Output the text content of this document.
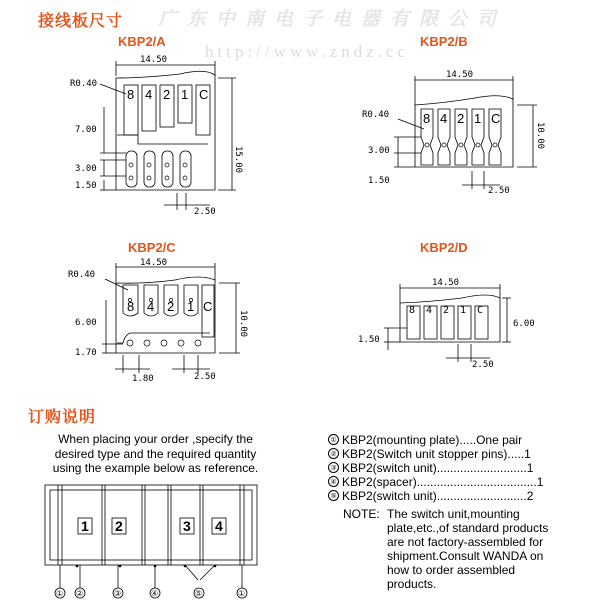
接线板尺寸 广东中南电子电器有限公司
http://www.zndz.cc
KBP2/A
14.50
15.00
7.00
3.00
1.50
2.50
R0.40
8 4 2 1 C
KBP2/B
14.50
10.00
3.00
1.50
2.50
R0.40	8 4 2 1 C
KBP2/C
14.50
10.00
6.00
1.70
1.80	2.50
R0.40
8 4 2 1 C
KBP2/D
14.50
6.00
1.50
2.50
8 4 2 1 C
订购说明
When placing your order ,specify the
desired type and the required quantity
using the example below as reference.
1 2	3 4
① ②	③	④	⑤	①
① KBP2(mounting plate).....One pair
② KBP2(Switch unit stopper pins).....1
③ KBP2(switch unit)...........................1
④ KBP2(spacer)....................................1
⑤ KBP2(switch unit)...........................2
NOTE: The switch unit,mounting
plate,etc.,of standard products
are not factory-assembled for
shipment.Consult WANDA on
how to order assembled
products.
